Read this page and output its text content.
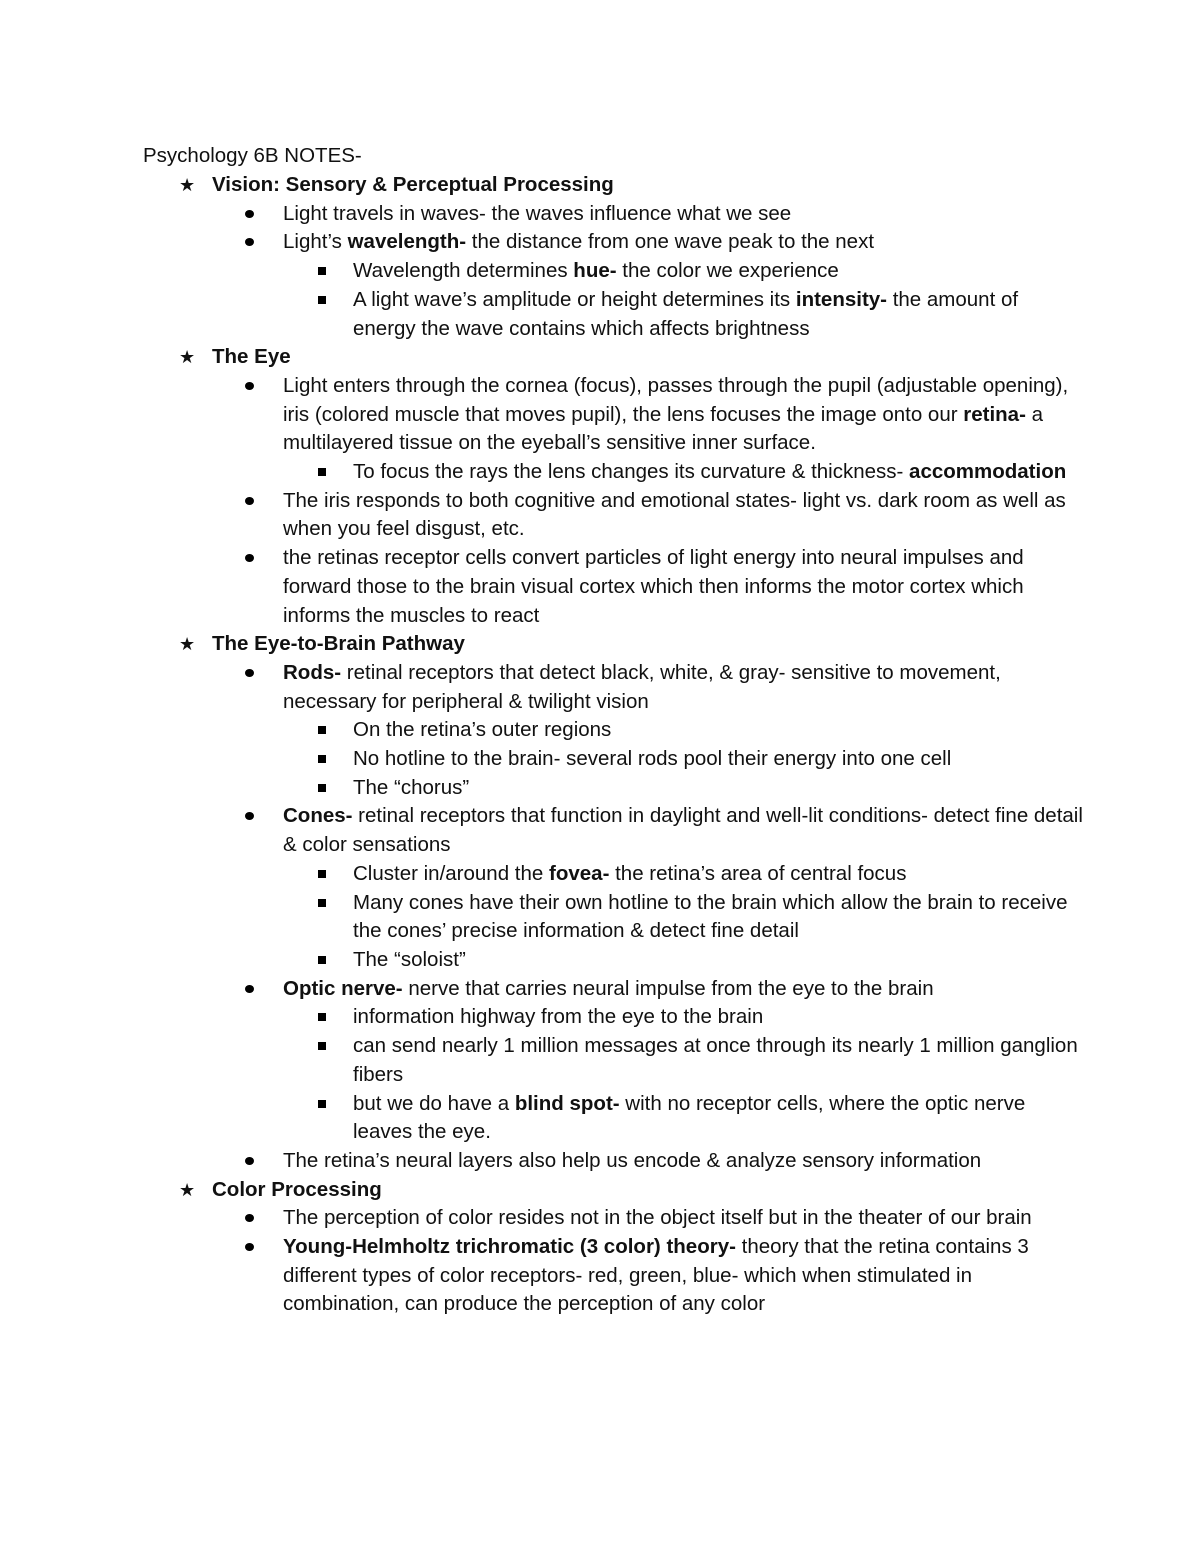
Psychology 6B NOTES-
★ Vision: Sensory & Perceptual Processing
Light travels in waves- the waves influence what we see
Light’s wavelength- the distance from one wave peak to the next
Wavelength determines hue- the color we experience
A light wave’s amplitude or height determines its intensity- the amount of energy the wave contains which affects brightness
★ The Eye
Light enters through the cornea (focus), passes through the pupil (adjustable opening), iris (colored muscle that moves pupil), the lens focuses the image onto our retina- a multilayered tissue on the eyeball’s sensitive inner surface.
To focus the rays the lens changes its curvature & thickness- accommodation
The iris responds to both cognitive and emotional states- light vs. dark room as well as when you feel disgust, etc.
the retinas receptor cells convert particles of light energy into neural impulses and forward those to the brain visual cortex which then informs the motor cortex which informs the muscles to react
★ The Eye-to-Brain Pathway
Rods- retinal receptors that detect black, white, & gray- sensitive to movement, necessary for peripheral & twilight vision
On the retina’s outer regions
No hotline to the brain- several rods pool their energy into one cell
The “chorus”
Cones- retinal receptors that function in daylight and well-lit conditions- detect fine detail & color sensations
Cluster in/around the fovea- the retina’s area of central focus
Many cones have their own hotline to the brain which allow the brain to receive the cones’ precise information & detect fine detail
The “soloist”
Optic nerve- nerve that carries neural impulse from the eye to the brain
information highway from the eye to the brain
can send nearly 1 million messages at once through its nearly 1 million ganglion fibers
but we do have a blind spot- with no receptor cells, where the optic nerve leaves the eye.
The retina’s neural layers also help us encode & analyze sensory information
★ Color Processing
The perception of color resides not in the object itself but in the theater of our brain
Young-Helmholtz trichromatic (3 color) theory- theory that the retina contains 3 different types of color receptors- red, green, blue- which when stimulated in combination, can produce the perception of any color
